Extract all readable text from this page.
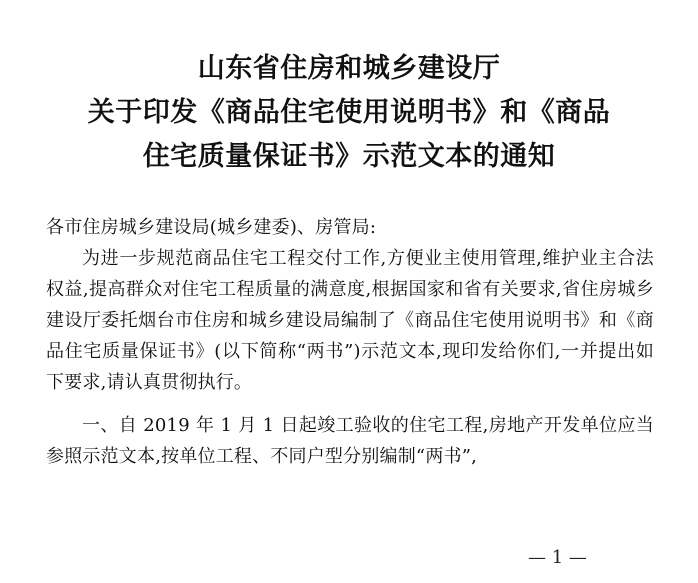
山东省住房和城乡建设厅
关于印发《商品住宅使用说明书》和《商品
住宅质量保证书》示范文本的通知

各市住房城乡建设局(城乡建委)、房管局:

为进一步规范商品住宅工程交付工作,方便业主使用管理,维护业主合法权益,提高群众对住宅工程质量的满意度,根据国家和省有关要求,省住房城乡建设厅委托烟台市住房和城乡建设局编制了《商品住宅使用说明书》和《商品住宅质量保证书》(以下简称“两书”)示范文本,现印发给你们,一并提出如下要求,请认真贯彻执行。

一、自 2019 年 1 月 1 日起竣工验收的住宅工程,房地产开发单位应当参照示范文本,按单位工程、不同户型分别编制“两书”,

— 1 —
